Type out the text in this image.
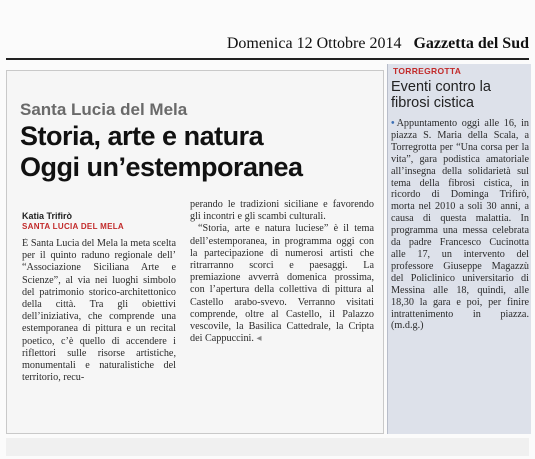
Domenica 12 Ottobre 2014 Gazzetta del Sud
Santa Lucia del Mela
Storia, arte e natura
Oggi un’estemporanea
Katia Trifirò
SANTA LUCIA DEL MELA

È Santa Lucia del Mela la meta scelta per il quinto raduno regionale dell’ “Associazione Siciliana Arte e Scienze”, al via nei luoghi simbolo del patrimonio storico-architettonico della città. Tra gli obiettivi dell’iniziativa, che comprende una estemporanea di pittura e un recital poetico, c’è quello di accendere i riflettori sulle risorse artistiche, monumentali e naturalistiche del territorio, recu-

perando le tradizioni siciliane e favorendo gli incontri e gli scambi culturali.

“Storia, arte e natura luciese” è il tema dell’estemporanea, in programma oggi con la partecipazione di numerosi artisti che ritrarranno scorci e paesaggi. La premiazione avverrà domenica prossima, con l’apertura della collettiva di pittura al Castello arabo-svevo. Verranno visitati comprende, oltre al Castello, il Palazzo vescovile, la Basilica Cattedrale, la Cripta dei Cappuccini. ◂

TORREGROTTA
Eventi contro la fibrosi cistica
• Appuntamento oggi alle 16, in piazza S. Maria della Scala, a Torregrotta per “Una corsa per la vita”, gara podistica amatoriale all’insegna della solidarietà sul tema della fibrosi cistica, in ricordo di Dominga Trifirò, morta nel 2010 a soli 30 anni, a causa di questa malattia. In programma una messa celebrata da padre Francesco Cucinotta alle 17, un intervento del professore Giuseppe Magazzù del Policlinico universitario di Messina alle 18, quindi, alle 18,30 la gara e poi, per finire intrattenimento in piazza. (m.d.g.)
